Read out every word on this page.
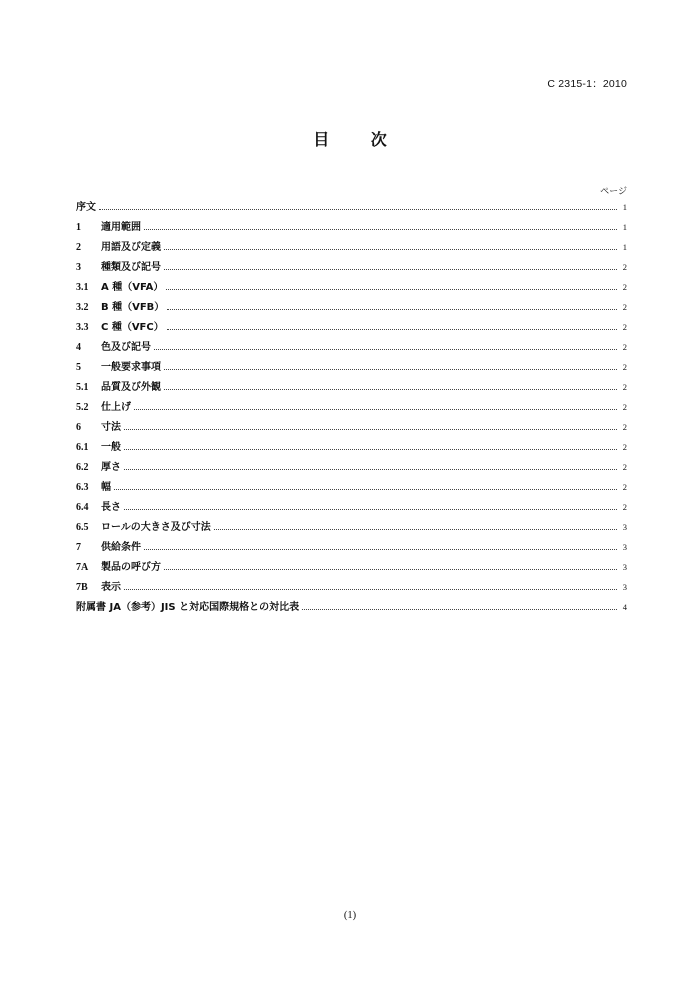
C 2315-1：2010
目 次
ページ
序文	1
1	適用範囲	1
2	用語及び定義	1
3	種類及び記号	2
3.1	A 種（VFA）	2
3.2	B 種（VFB）	2
3.3	C 種（VFC）	2
4	色及び記号	2
5	一般要求事項	2
5.1	品質及び外観	2
5.2	仕上げ	2
6	寸法	2
6.1	一般	2
6.2	厚さ	2
6.3	幅	2
6.4	長さ	2
6.5	ロールの大きさ及び寸法	3
7	供給条件	3
7A	製品の呼び方	3
7B	表示	3
附属書 JA（参考）JIS と対応国際規格との対比表	4
(1)
